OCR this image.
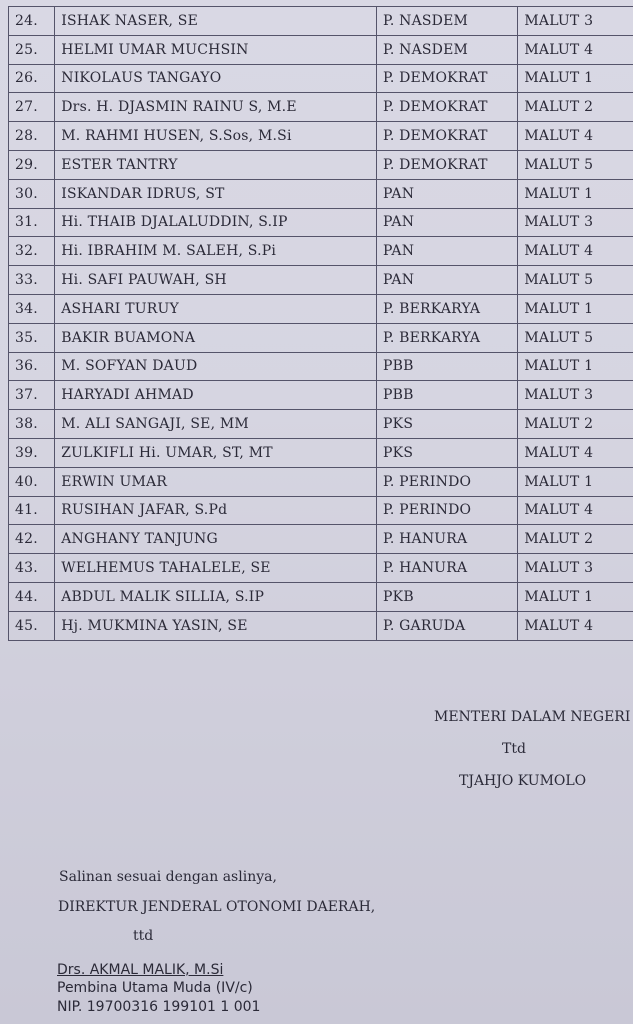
24.	ISHAK NASER, SE	P. NASDEM	MALUT 3
25.	HELMI UMAR MUCHSIN	P. NASDEM	MALUT 4
26.	NIKOLAUS TANGAYO	P. DEMOKRAT	MALUT 1
27.	Drs. H. DJASMIN RAINU S, M.E	P. DEMOKRAT	MALUT 2
28.	M. RAHMI HUSEN, S.Sos, M.Si	P. DEMOKRAT	MALUT 4
29.	ESTER TANTRY	P. DEMOKRAT	MALUT 5
30.	ISKANDAR IDRUS, ST	PAN	MALUT 1
31.	Hi. THAIB DJALALUDDIN, S.IP	PAN	MALUT 3
32.	Hi. IBRAHIM M. SALEH, S.Pi	PAN	MALUT 4
33.	Hi. SAFI PAUWAH, SH	PAN	MALUT 5
34.	ASHARI TURUY	P. BERKARYA	MALUT 1
35.	BAKIR BUAMONA	P. BERKARYA	MALUT 5
36.	M. SOFYAN DAUD	PBB	MALUT 1
37.	HARYADI AHMAD	PBB	MALUT 3
38.	M. ALI SANGAJI, SE, MM	PKS	MALUT 2
39.	ZULKIFLI Hi. UMAR, ST, MT	PKS	MALUT 4
40.	ERWIN UMAR	P. PERINDO	MALUT 1
41.	RUSIHAN JAFAR, S.Pd	P. PERINDO	MALUT 4
42.	ANGHANY TANJUNG	P. HANURA	MALUT 2
43.	WELHEMUS TAHALELE, SE	P. HANURA	MALUT 3
44.	ABDUL MALIK SILLIA, S.IP	PKB	MALUT 1
45.	Hj. MUKMINA YASIN, SE	P. GARUDA	MALUT 4
MENTERI DALAM NEGERI
Ttd
TJAHJO KUMOLO
Salinan sesuai dengan aslinya,
DIREKTUR JENDERAL OTONOMI DAERAH,
ttd
Drs. AKMAL MALIK, M.Si
Pembina Utama Muda (IV/c)
NIP. 19700316 199101 1 001
